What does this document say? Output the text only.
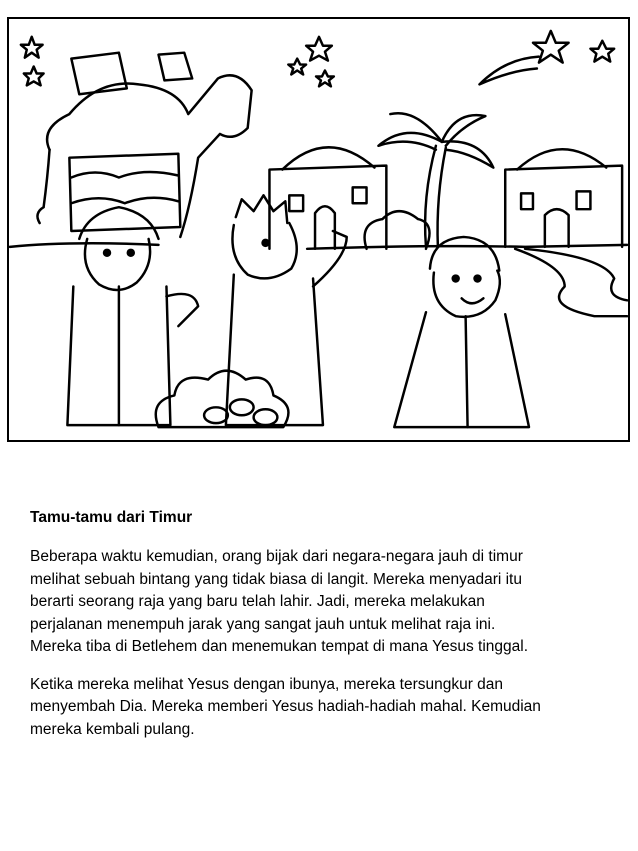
Tamu-tamu dari Timur

Beberapa waktu kemudian, orang bijak dari negara-negara jauh di timur
melihat sebuah bintang yang tidak biasa di langit. Mereka menyadari itu
berarti seorang raja yang baru telah lahir. Jadi, mereka melakukan
perjalanan menempuh jarak yang sangat jauh untuk melihat raja ini.
Mereka tiba di Betlehem dan menemukan tempat di mana Yesus tinggal.

Ketika mereka melihat Yesus dengan ibunya, mereka tersungkur dan
menyembah Dia. Mereka memberi Yesus hadiah-hadiah mahal. Kemudian
mereka kembali pulang.
